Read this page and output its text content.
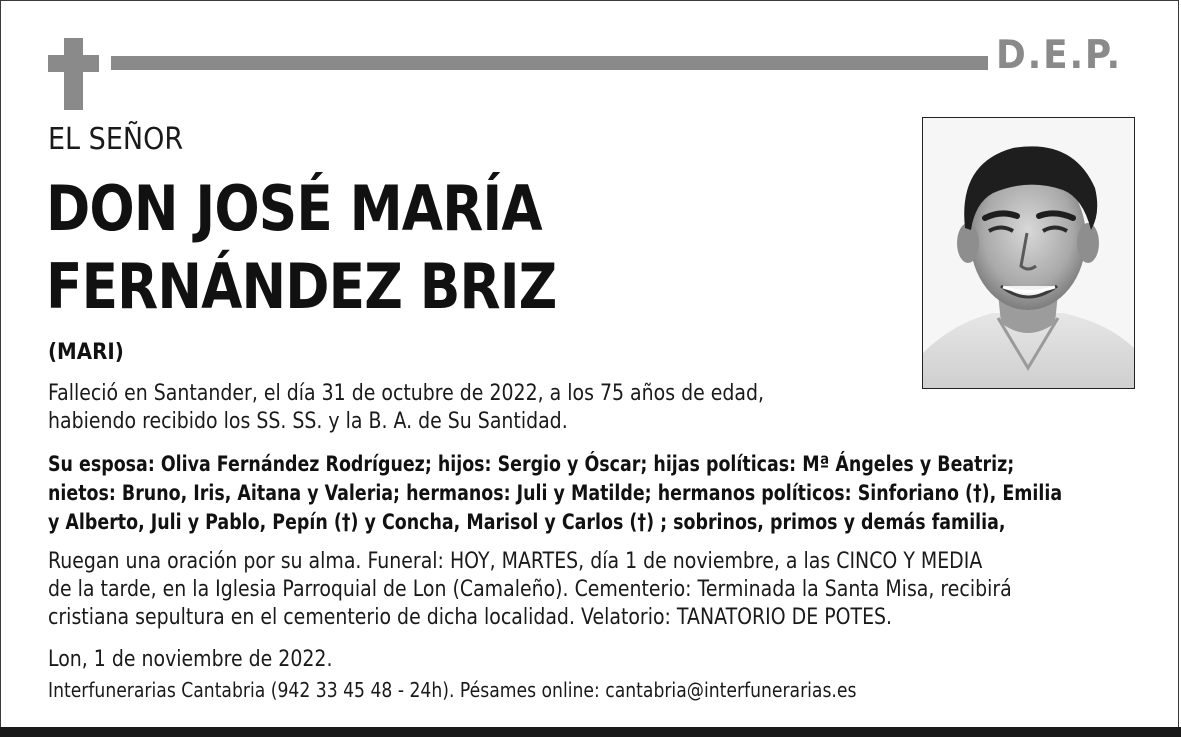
D.E.P.
EL SEÑOR
DON JOSÉ MARÍA
FERNÁNDEZ BRIZ
(MARI)
Falleció en Santander, el día 31 de octubre de 2022, a los 75 años de edad,
habiendo recibido los SS. SS. y la B. A. de Su Santidad.
Su esposa: Oliva Fernández Rodríguez; hijos: Sergio y Óscar; hijas políticas: Mª Ángeles y Beatriz;
nietos: Bruno, Iris, Aitana y Valeria; hermanos: Juli y Matilde; hermanos políticos: Sinforiano (†), Emilia
y Alberto, Juli y Pablo, Pepín (†) y Concha, Marisol y Carlos (†) ; sobrinos, primos y demás familia,
Ruegan una oración por su alma. Funeral: HOY, MARTES, día 1 de noviembre, a las CINCO Y MEDIA
de la tarde, en la Iglesia Parroquial de Lon (Camaleño). Cementerio: Terminada la Santa Misa, recibirá
cristiana sepultura en el cementerio de dicha localidad. Velatorio: TANATORIO DE POTES.
Lon, 1 de noviembre de 2022.
Interfunerarias Cantabria (942 33 45 48 - 24h). Pésames online: cantabria@interfunerarias.es
